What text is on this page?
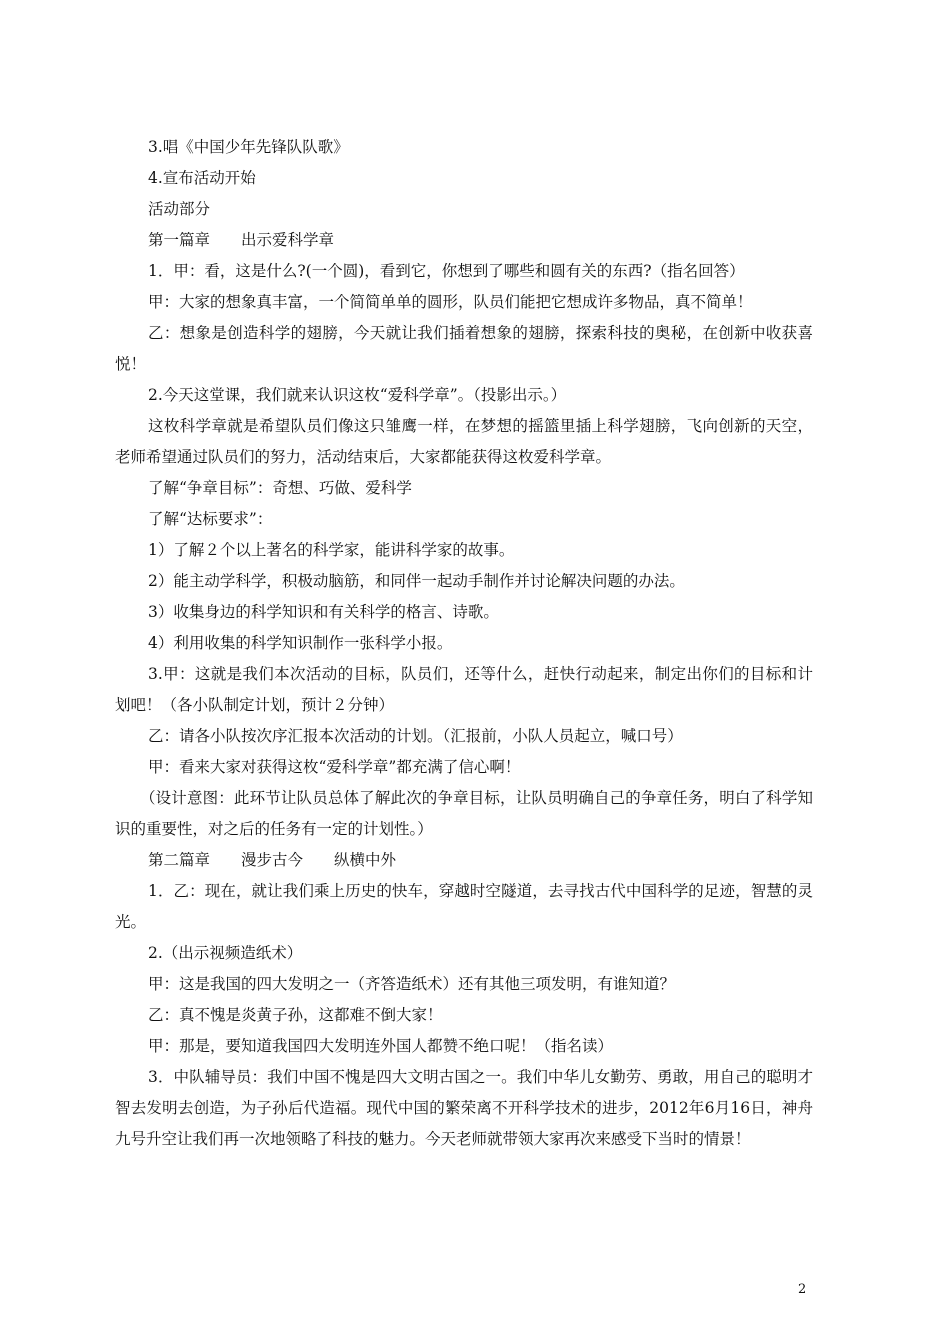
3.唱《中国少年先锋队队歌》
4.宣布活动开始
活动部分
第一篇章　　出示爱科学章
1．甲：看，这是什么?(一个圆)，看到它，你想到了哪些和圆有关的东西?（指名回答）
甲：大家的想象真丰富，一个简简单单的圆形，队员们能把它想成许多物品，真不简单！

乙：想象是创造科学的翅膀，今天就让我们插着想象的翅膀，探索科技的奥秘，在创新中收获喜悦！

2.今天这堂课，我们就来认识这枚“爱科学章”。（投影出示。）

这枚科学章就是希望队员们像这只雏鹰一样，在梦想的摇篮里插上科学翅膀，飞向创新的天空，老师希望通过队员们的努力，活动结束后，大家都能获得这枚爱科学章。

了解“争章目标”：奇想、巧做、爱科学
了解“达标要求”：
1）了解２个以上著名的科学家，能讲科学家的故事。
2）能主动学科学，积极动脑筋，和同伴一起动手制作并讨论解决问题的办法。
3）收集身边的科学知识和有关科学的格言、诗歌。
4）利用收集的科学知识制作一张科学小报。

3.甲：这就是我们本次活动的目标，队员们，还等什么，赶快行动起来，制定出你们的目标和计划吧！（各小队制定计划，预计２分钟）

乙：请各小队按次序汇报本次活动的计划。（汇报前，小队人员起立，喊口号）
甲：看来大家对获得这枚“爱科学章”都充满了信心啊！

（设计意图：此环节让队员总体了解此次的争章目标，让队员明确自己的争章任务，明白了科学知识的重要性，对之后的任务有一定的计划性。）

第二篇章　　漫步古今　　纵横中外

1．乙：现在，就让我们乘上历史的快车，穿越时空隧道，去寻找古代中国科学的足迹，智慧的灵光。

2.（出示视频造纸术）
甲：这是我国的四大发明之一（齐答造纸术）还有其他三项发明，有谁知道？
乙：真不愧是炎黄子孙，这都难不倒大家！
甲：那是，要知道我国四大发明连外国人都赞不绝口呢！（指名读）

3．中队辅导员：我们中国不愧是四大文明古国之一。我们中华儿女勤劳、勇敢，用自己的聪明才智去发明去创造，为子孙后代造福。现代中国的繁荣离不开科学技术的进步，2012年6月16日，神舟九号升空让我们再一次地领略了科技的魅力。今天老师就带领大家再次来感受下当时的情景！

2
